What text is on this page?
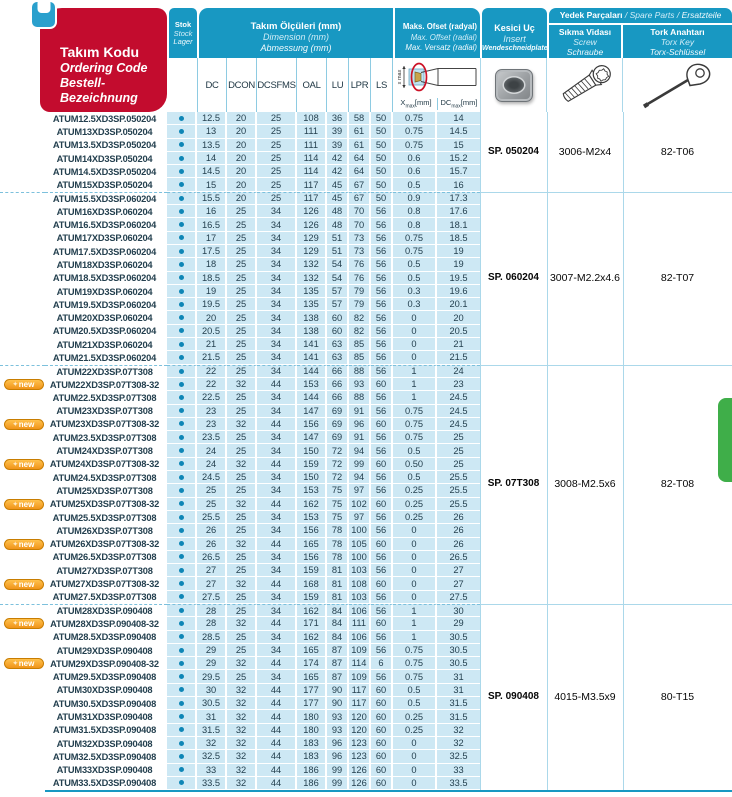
Takım Kodu
Ordering Code
Bestell-Bezeichnung
Stok
Stock
Lager
Takım Ölçüleri (mm)
Dimension (mm)
Abmessung (mm)
Maks. Ofset (radyal)
Max. Offset (radial)
Max. Versatz (radial)
Kesici Uç
Insert
Wendeschneidplate
Yedek Parçaları / Spare Parts / Ersatzteile
Sıkma Vidası
Screw
Schraube
Tork Anahtarı
Torx Key
Torx-Schlüssel
DC	DCON DCSFMS OAL	LU LPR LS
x max
$X_{max}[mm]$	$DC_{max}[mm]$
ATUM 12.5XD3 SP. 050204	12.5	20	25	108	36	58	50	0.75	14
ATUM 13XD3 SP. 050204	13	20	25	111	39	61	50	0.75	14.5
ATUM 13.5XD3 SP. 050204	13.5	20	25	111	39	61	50	0.75	15
ATUM 14XD3 SP. 050204	14	20	25	114	42	64	50	0.6	15.2
ATUM 14.5XD3 SP. 050204	14.5	20	25	114	42	64	50	0.6	15.7
ATUM 15XD3 SP. 050204	15	20	25	117	45	67	50	0.5	16
ATUM 15.5XD3 SP. 060204	15.5	20	25	117	45	67	50	0.9	17.3
ATUM 16XD3 SP. 060204	16	25	34	126	48	70	56	0.8	17.6
ATUM 16.5XD3 SP. 060204	16.5	25	34	126	48	70	56	0.8	18.1
ATUM 17XD3 SP. 060204	17	25	34	129	51	73	56	0.75	18.5
ATUM 17.5XD3 SP. 060204	17.5	25	34	129	51	73	56	0.75	19
ATUM 18XD3 SP. 060204	18	25	34	132	54	76	56	0.5	19
ATUM 18.5XD3 SP. 060204	18.5	25	34	132	54	76	56	0.5	19.5
ATUM 19XD3 SP. 060204	19	25	34	135	57	79	56	0.3	19.6
ATUM 19.5XD3 SP. 060204	19.5	25	34	135	57	79	56	0.3	20.1
ATUM 20XD3 SP. 060204	20	25	34	138	60	82	56	0	20
ATUM 20.5XD3 SP. 060204	20.5	25	34	138	60	82	56	0	20.5
ATUM 21XD3 SP. 060204	21	25	34	141	63	85	56	0	21
ATUM 21.5XD3 SP. 060204	21.5	25	34	141	63	85	56	0	21.5
ATUM 22XD3 SP. 07T308	22	25	34	144	66	88	56	1	24
✦ new ATUM 22XD3 SP. 07T308-32	22	32	44	153	66	93	60	1	23
ATUM 22.5XD3 SP. 07T308	22.5	25	34	144	66	88	56	1	24.5
ATUM 23XD3 SP. 07T308	23	25	34	147	69	91	56	0.75	24.5
✦ new ATUM 23XD3 SP. 07T308-32	23	32	44	156	69	96	60	0.75	24.5
ATUM 23.5XD3 SP. 07T308	23.5	25	34	147	69	91	56	0.75	25
ATUM 24XD3 SP. 07T308	24	25	34	150	72	94	56	0.5	25
✦ new ATUM 24XD3 SP. 07T308-32	24	32	44	159	72	99	60	0.50	25
ATUM 24.5XD3 SP. 07T308	24.5	25	34	150	72	94	56	0.5	25.5
ATUM 25XD3 SP. 07T308	25	25	34	153	75	97	56	0.25	25.5
✦ new ATUM 25XD3 SP. 07T308-32	25	32	44	162	75 102 60	0.25	25.5
ATUM 25.5XD3 SP. 07T308	25.5	25	34	153	75	97	56	0.25	26
ATUM 26XD3 SP. 07T308	26	25	34	156	78 100 56	0	26
✦ new ATUM 26XD3 SP. 07T308-32	26	32	44	165	78 105 60	0	26
ATUM 26.5XD3 SP. 07T308	26.5	25	34	156	78 100 56	0	26.5
ATUM 27XD3 SP. 07T308	27	25	34	159	81 103 56	0	27
✦ new ATUM 27XD3 SP. 07T308-32	27	32	44	168	81 108 60	0	27
ATUM 27.5XD3 SP. 07T308	27.5	25	34	159	81 103 56	0	27.5
ATUM 28XD3 SP. 090408	28	25	34	162	84 106 56	1	30
✦ new ATUM 28XD3 SP. 090408-32	28	32	44	171	84	111	60	1	29
ATUM 28.5XD3 SP. 090408	28.5	25	34	162	84 106 56	1	30.5
ATUM 29XD3 SP. 090408	29	25	34	165	87 109 56	0.75	30.5
✦ new ATUM 29XD3 SP. 090408-32	29	32	44	174	87	114	6	0.75	30.5
ATUM 29.5XD3 SP. 090408	29.5	25	34	165	87 109 56	0.75	31
ATUM 30XD3 SP. 090408	30	32	44	177	90	117	60	0.5	31
ATUM 30.5XD3 SP. 090408	30.5	32	44	177	90	117	60	0.5	31.5
ATUM 31XD3 SP. 090408	31	32	44	180	93 120 60	0.25	31.5
ATUM 31.5XD3 SP. 090408	31.5	32	44	180	93 120 60	0.25	32
ATUM 32XD3 SP. 090408	32	32	44	183	96 123 60	0	32
ATUM 32.5XD3 SP. 090408	32.5	32	44	183	96 123 60	0	32.5
ATUM 33XD3 SP. 090408	33	32	44	186	99 126 60	0	33
ATUM 33.5XD3 SP. 090408	33.5	32	44	186	99 126 60	0	33.5
SP. 050204	3006-M2x4	82-T06
SP. 060204	3007-M2.2x4.6	82-T07
SP. 07T308	3008-M2.5x6	82-T08
SP. 090408	4015-M3.5x9	80-T15
